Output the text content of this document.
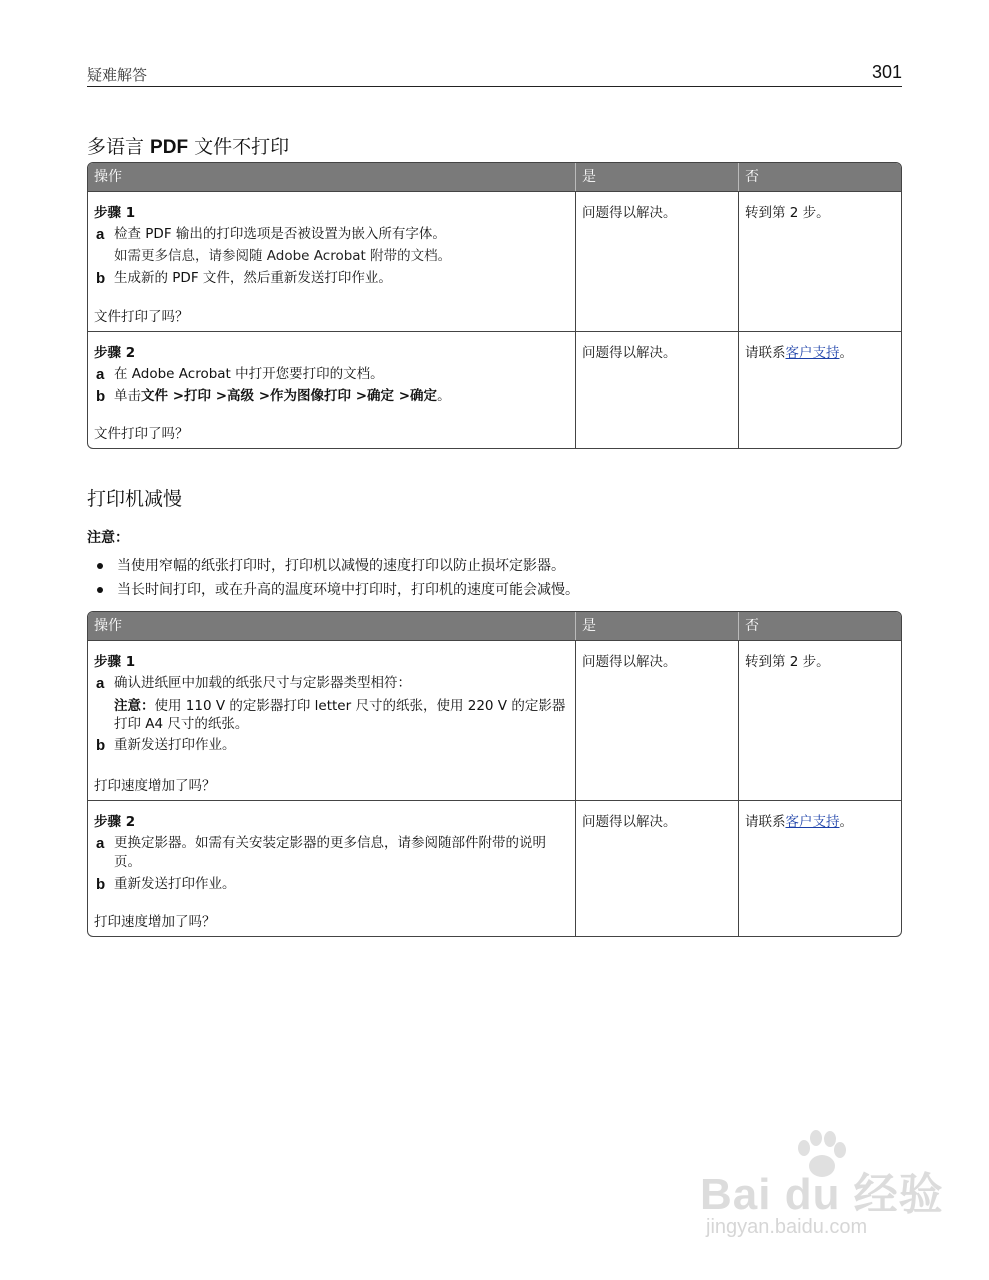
疑难解答	301
多语言 PDF 文件不打印
操作	是	否
步骤 1
a 检查 PDF 输出的打印选项是否被设置为嵌入所有字体。
如需更多信息，请参阅随 Adobe Acrobat 附带的文档。
b 生成新的 PDF 文件，然后重新发送打印作业。
文件打印了吗？
问题得以解决。	转到第 2 步。
步骤 2
a 在 Adobe Acrobat 中打开您要打印的文档。
b 单击文件 >打印 >高级 >作为图像打印 >确定 >确定。
文件打印了吗？
问题得以解决。	请联系客户支持。
打印机减慢
注意：
当使用窄幅的纸张打印时，打印机以减慢的速度打印以防止损坏定影器。
当长时间打印，或在升高的温度环境中打印时，打印机的速度可能会减慢。
操作	是	否
步骤 1
a 确认进纸匣中加载的纸张尺寸与定影器类型相符：
注意：使用 110 V 的定影器打印 letter 尺寸的纸张，使用 220 V 的定影器打印 A4 尺寸的纸张。
b 重新发送打印作业。
打印速度增加了吗？
问题得以解决。	转到第 2 步。
步骤 2
a 更换定影器。如需有关安装定影器的更多信息，请参阅随部件附带的说明页。
b 重新发送打印作业。
打印速度增加了吗？
问题得以解决。	请联系客户支持。
Bai du 经验
jingyan.baidu.com
